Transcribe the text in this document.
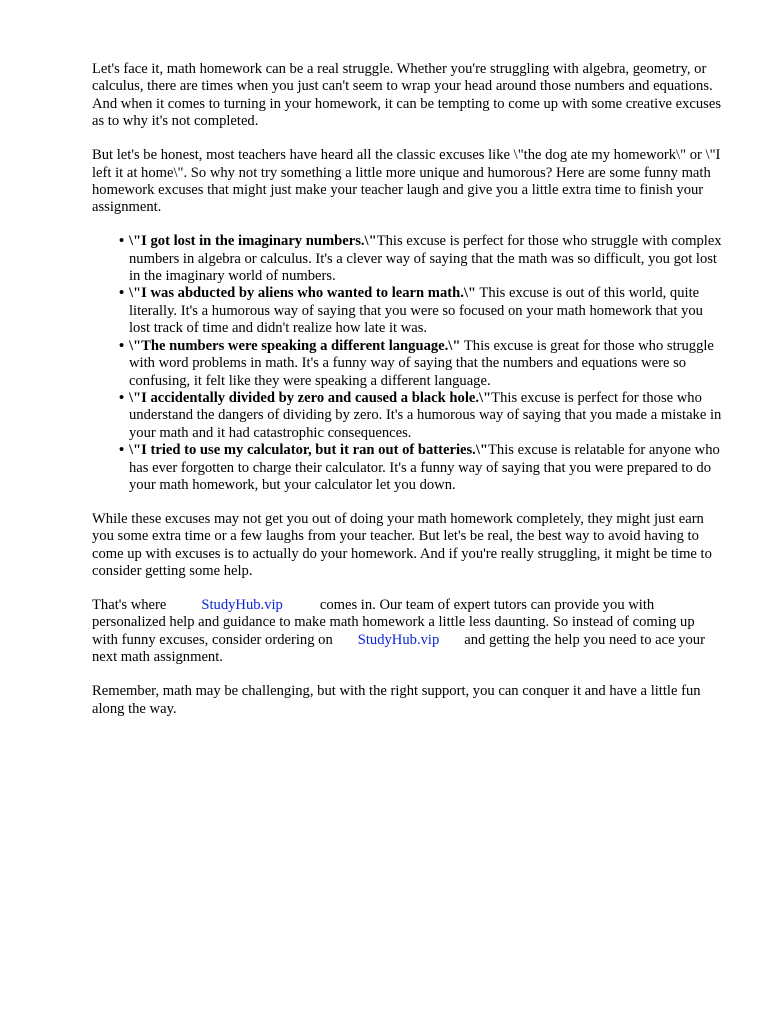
Let's face it, math homework can be a real struggle. Whether you're struggling with algebra, geometry, or calculus, there are times when you just can't seem to wrap your head around those numbers and equations. And when it comes to turning in your homework, it can be tempting to come up with some creative excuses as to why it's not completed.

But let's be honest, most teachers have heard all the classic excuses like \"the dog ate my homework\" or \"I left it at home\". So why not try something a little more unique and humorous? Here are some funny math homework excuses that might just make your teacher laugh and give you a little extra time to finish your assignment.

• \"I got lost in the imaginary numbers.\"This excuse is perfect for those who struggle with complex numbers in algebra or calculus. It's a clever way of saying that the math was so difficult, you got lost in the imaginary world of numbers.
• \"I was abducted by aliens who wanted to learn math.\" This excuse is out of this world, quite literally. It's a humorous way of saying that you were so focused on your math homework that you lost track of time and didn't realize how late it was.
• \"The numbers were speaking a different language.\" This excuse is great for those who struggle with word problems in math. It's a funny way of saying that the numbers and equations were so confusing, it felt like they were speaking a different language.
• \"I accidentally divided by zero and caused a black hole.\"This excuse is perfect for those who understand the dangers of dividing by zero. It's a humorous way of saying that you made a mistake in your math and it had catastrophic consequences.
• \"I tried to use my calculator, but it ran out of batteries.\"This excuse is relatable for anyone who has ever forgotten to charge their calculator. It's a funny way of saying that you were prepared to do your math homework, but your calculator let you down.

While these excuses may not get you out of doing your math homework completely, they might just earn you some extra time or a few laughs from your teacher. But let's be real, the best way to avoid having to come up with excuses is to actually do your homework. And if you're really struggling, it might be time to consider getting some help.

That's where StudyHub.vip	comes in. Our team of expert tutors can provide you with personalized help and guidance to make math homework a little less daunting. So instead of coming up with funny excuses, consider ordering on StudyHub.vip and getting the help you need to ace your next math assignment.

Remember, math may be challenging, but with the right support, you can conquer it and have a little fun along the way.
